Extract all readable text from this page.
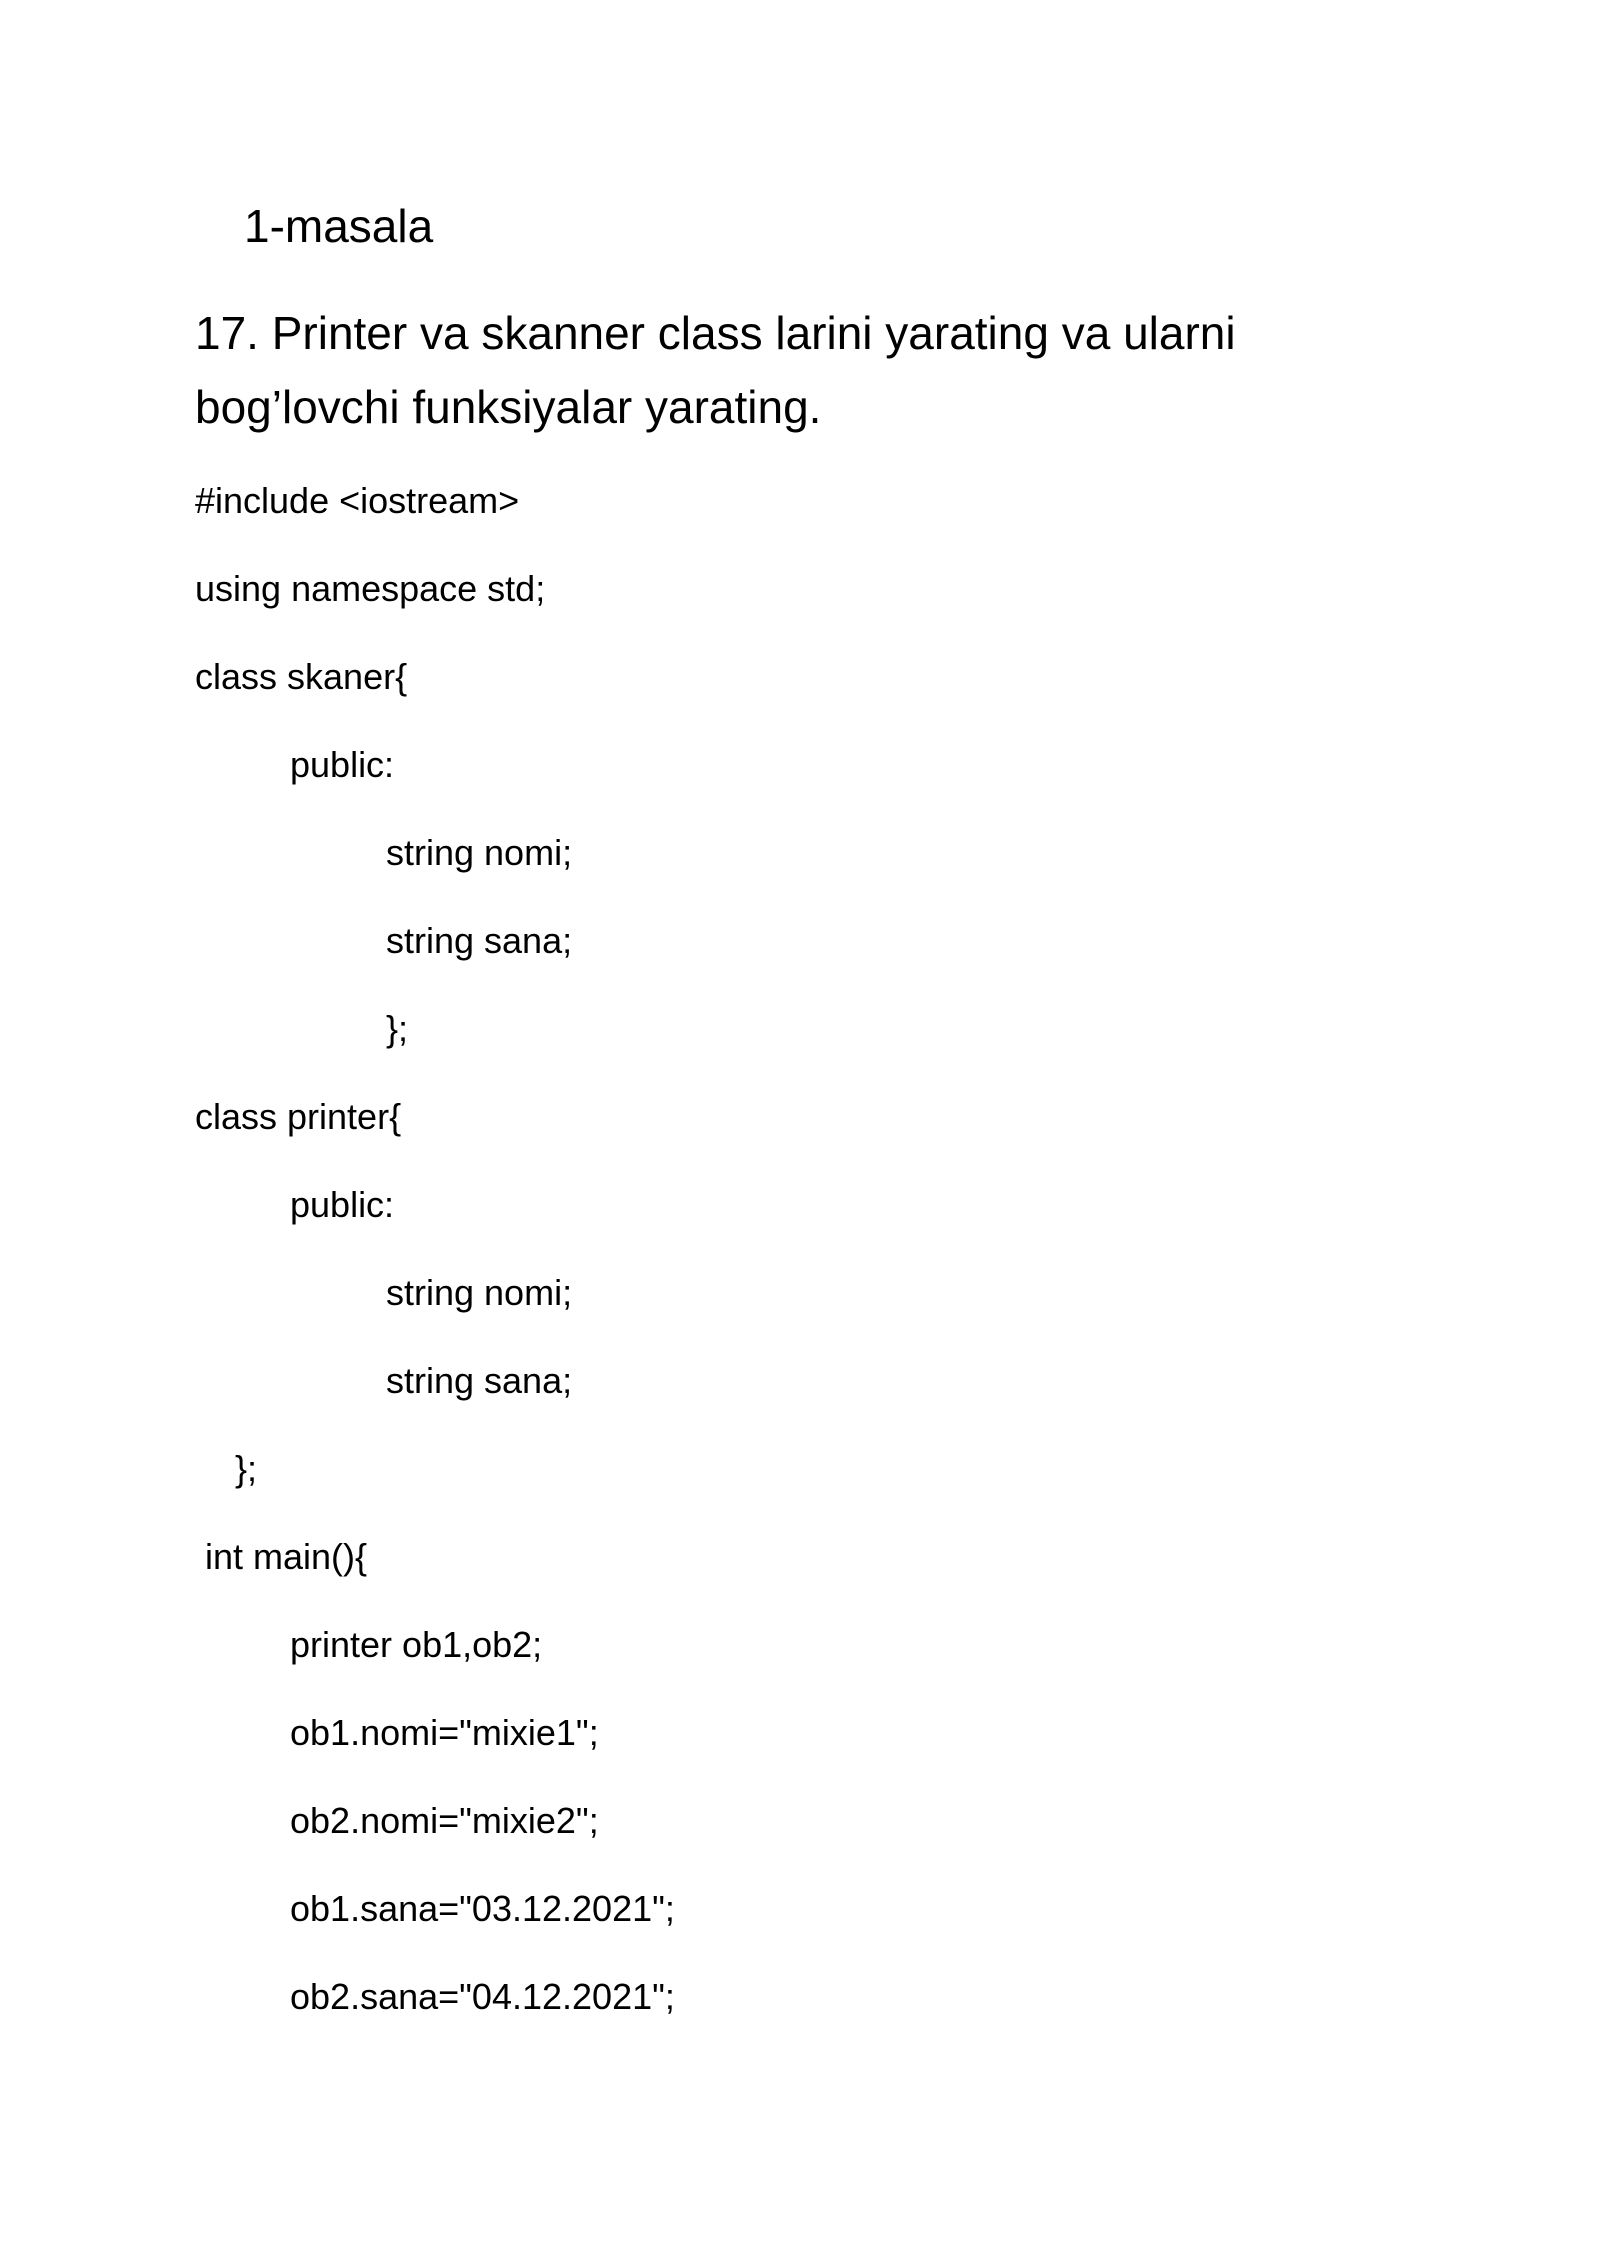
1-masala
17. Printer va skanner class larini yarating va ularni bog’lovchi funksiyalar yarating.
#include <iostream>
using namespace std;
class skaner{
public:
string nomi;
string sana;
};
class printer{
public:
string nomi;
string sana;
};
int main(){
printer ob1,ob2;
ob1.nomi="mixie1";
ob2.nomi="mixie2";
ob1.sana="03.12.2021";
ob2.sana="04.12.2021";
